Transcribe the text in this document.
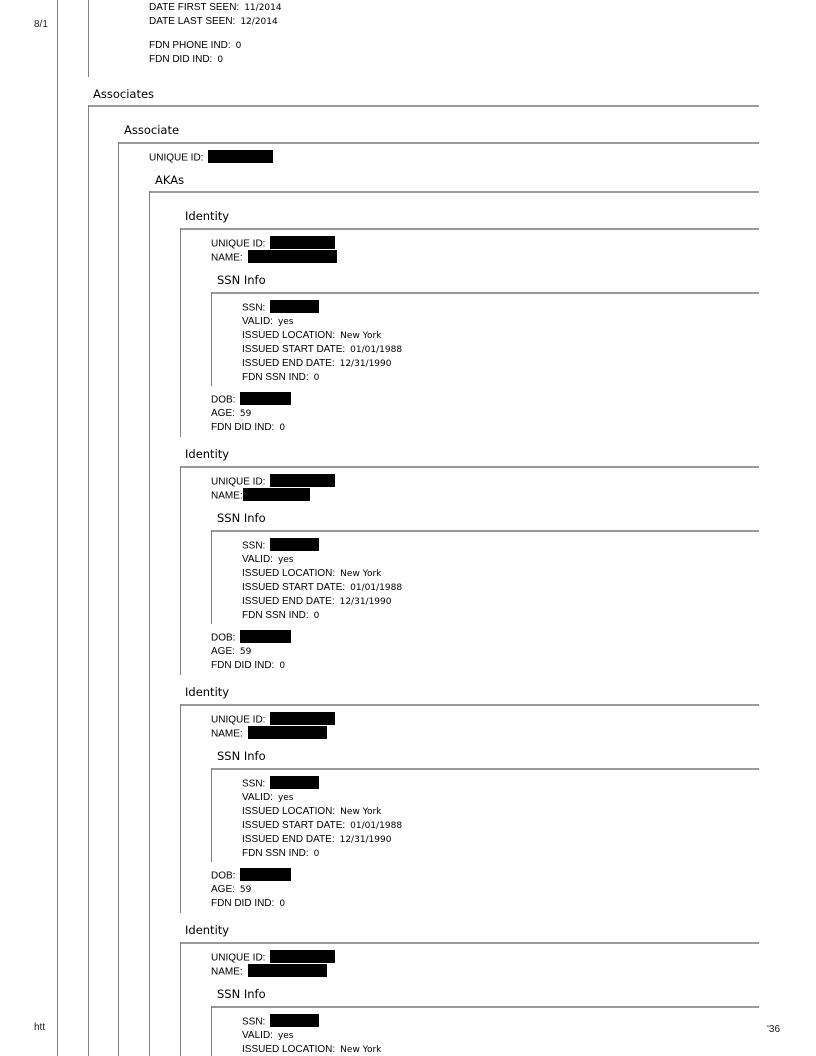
8/1
htt	'36
DATE FIRST SEEN: 11/2014
DATE LAST SEEN: 12/2014
FDN PHONE IND: 0
FDN DID IND: 0
Associates
Associate
UNIQUE ID:
AKAs
Identity
UNIQUE ID:
NAME:
SSN Info
SSN:
VALID: yes
ISSUED LOCATION: New York
ISSUED START DATE: 01/01/1988
ISSUED END DATE: 12/31/1990
FDN SSN IND: 0
DOB:
AGE: 59
FDN DID IND: 0
Identity
UNIQUE ID:
NAME:
SSN Info
SSN:
VALID: yes
ISSUED LOCATION: New York
ISSUED START DATE: 01/01/1988
ISSUED END DATE: 12/31/1990
FDN SSN IND: 0
DOB:
AGE: 59
FDN DID IND: 0
Identity
UNIQUE ID:
NAME:
SSN Info
SSN:
VALID: yes
ISSUED LOCATION: New York
ISSUED START DATE: 01/01/1988
ISSUED END DATE: 12/31/1990
FDN SSN IND: 0
DOB:
AGE: 59
FDN DID IND: 0
Identity
UNIQUE ID:
NAME:
SSN Info
SSN:
VALID: yes
ISSUED LOCATION: New York
